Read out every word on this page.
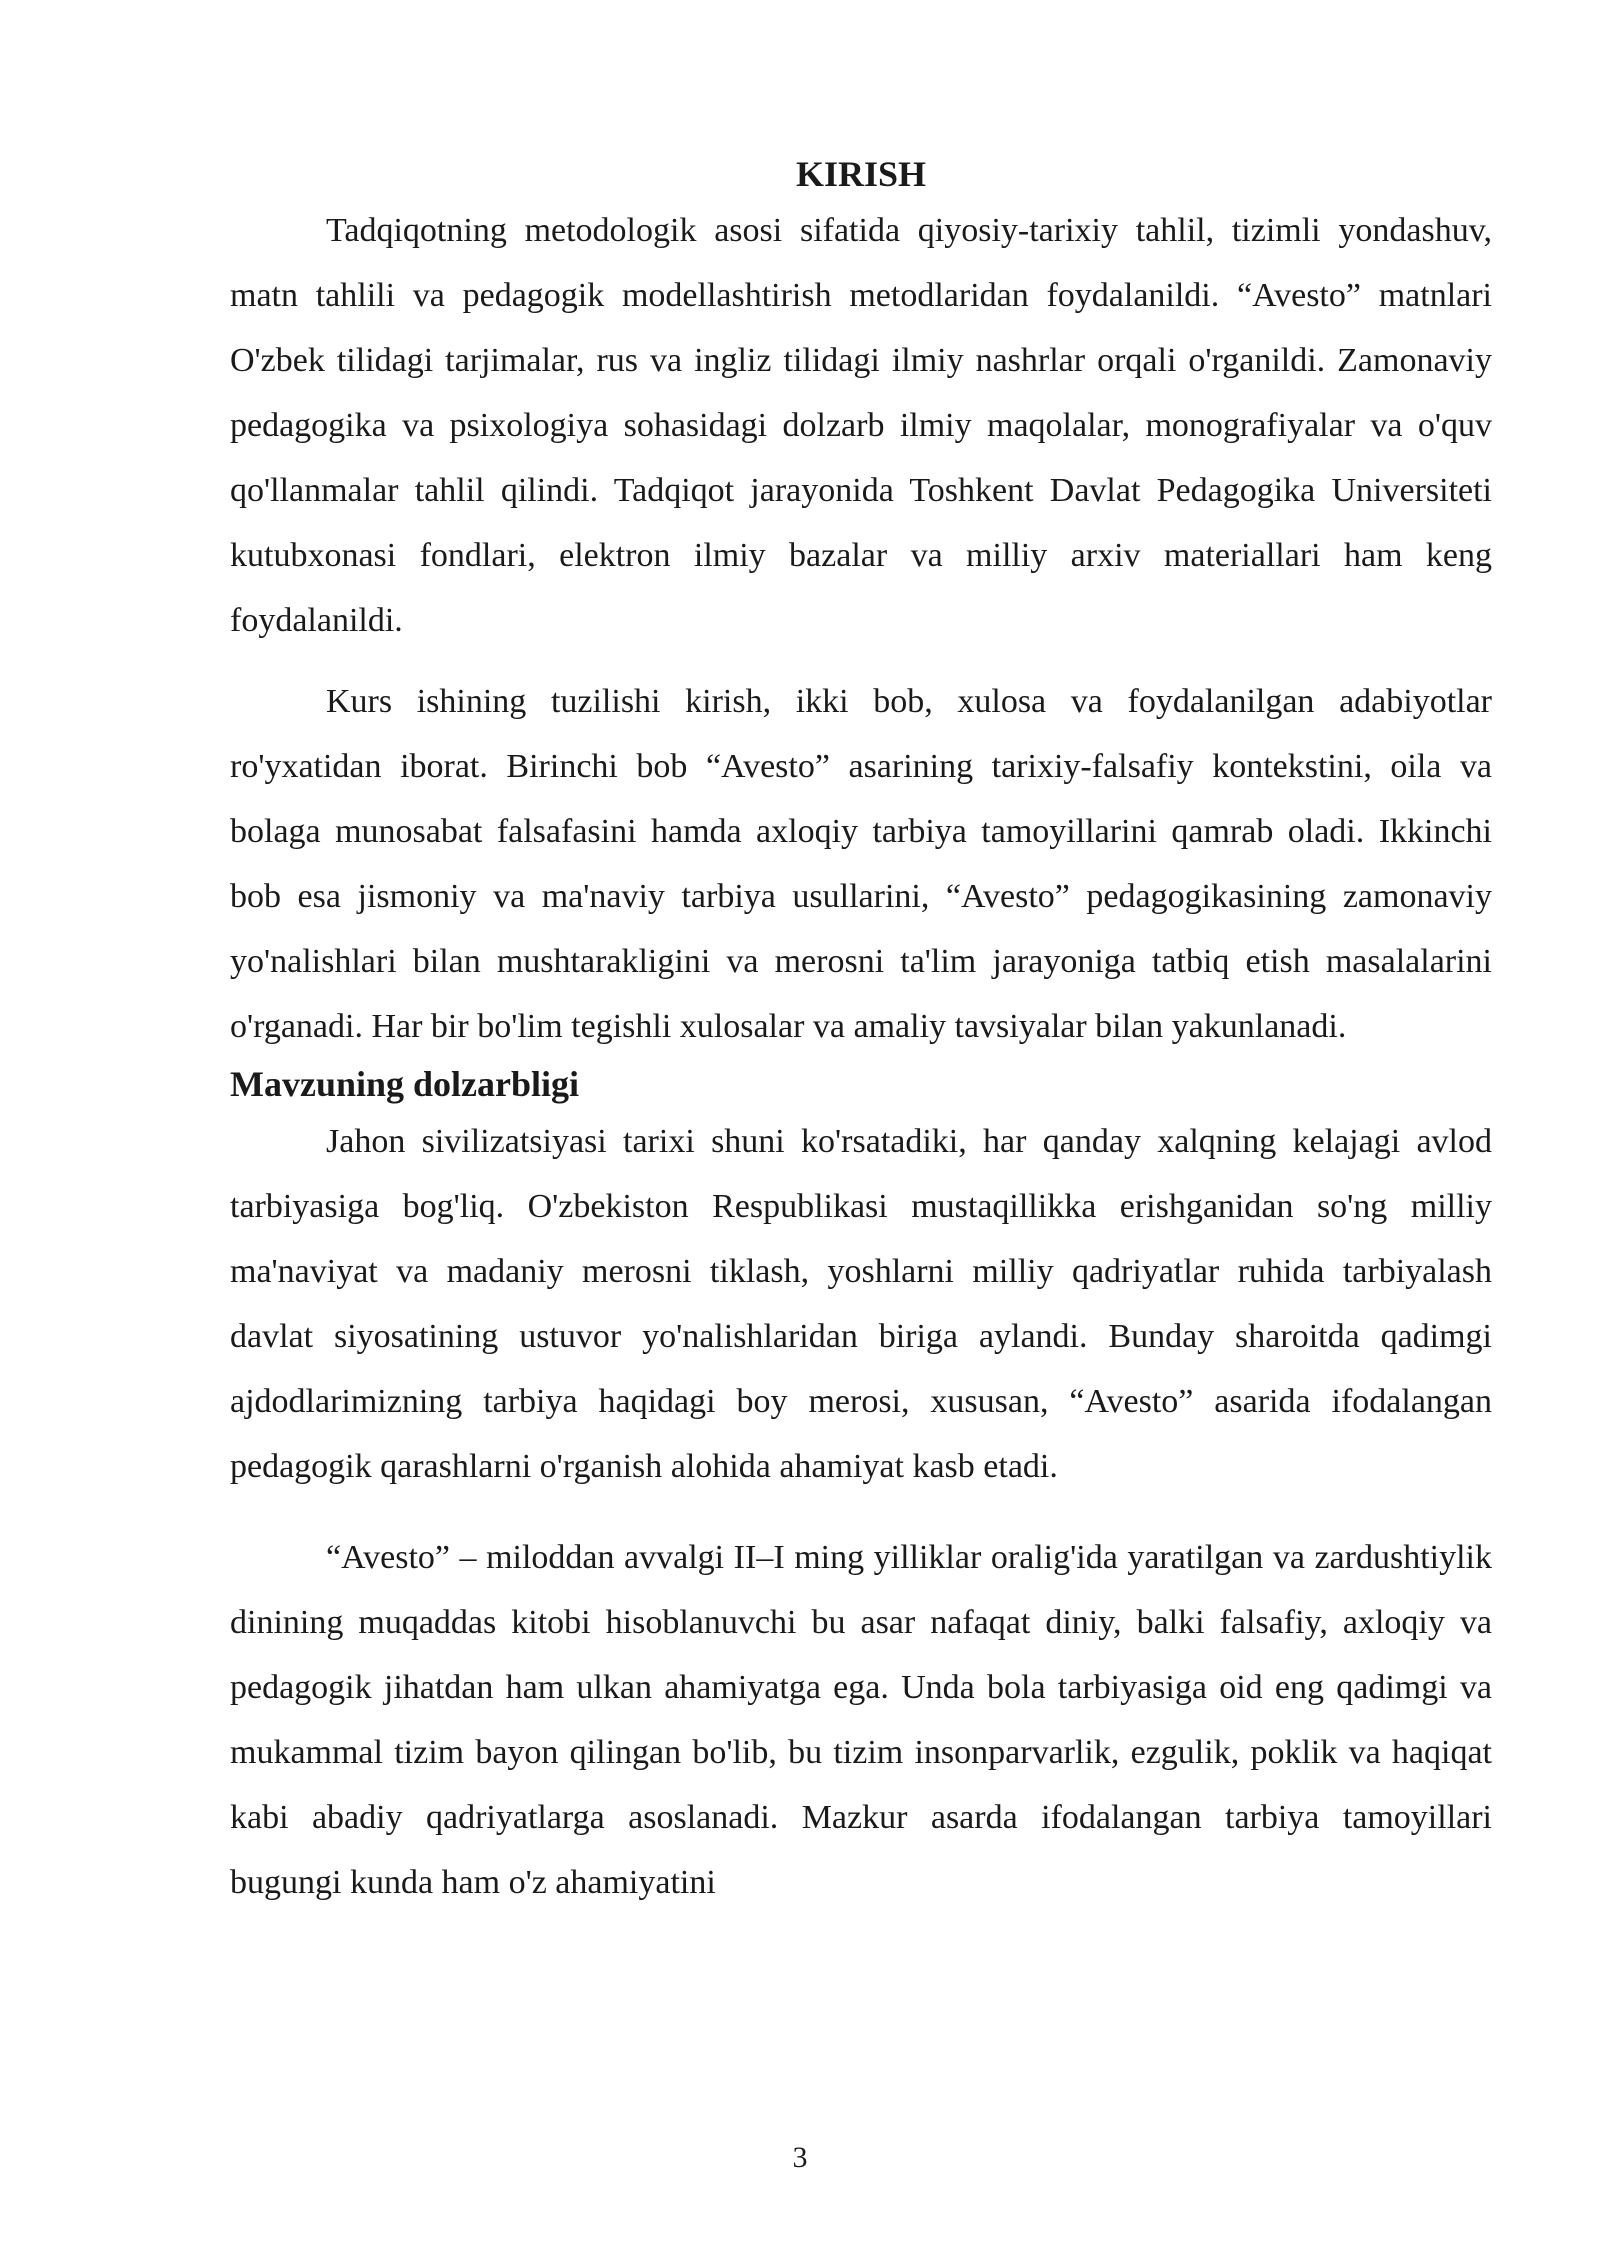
KIRISH

Tadqiqotning metodologik asosi sifatida qiyosiy-tarixiy tahlil, tizimli yondashuv, matn tahlili va pedagogik modellashtirish metodlaridan foydalanildi. “Avesto” matnlari O'zbek tilidagi tarjimalar, rus va ingliz tilidagi ilmiy nashrlar orqali o'rganildi. Zamonaviy pedagogika va psixologiya sohasidagi dolzarb ilmiy maqolalar, monografiyalar va o'quv qo'llanmalar tahlil qilindi. Tadqiqot jarayonida Toshkent Davlat Pedagogika Universiteti kutubxonasi fondlari, elektron ilmiy bazalar va milliy arxiv materiallari ham keng foydalanildi.

Kurs ishining tuzilishi kirish, ikki bob, xulosa va foydalanilgan adabiyotlar ro'yxatidan iborat. Birinchi bob “Avesto” asarining tarixiy-falsafiy kontekstini, oila va bolaga munosabat falsafasini hamda axloqiy tarbiya tamoyillarini qamrab oladi. Ikkinchi bob esa jismoniy va ma'naviy tarbiya usullarini, “Avesto” pedagogikasining zamonaviy yo'nalishlari bilan mushtarakligini va merosni ta'lim jarayoniga tatbiq etish masalalarini o'rganadi. Har bir bo'lim tegishli xulosalar va amaliy tavsiyalar bilan yakunlanadi.

Mavzuning dolzarbligi

Jahon sivilizatsiyasi tarixi shuni ko'rsatadiki, har qanday xalqning kelajagi avlod tarbiyasiga bog'liq. O'zbekiston Respublikasi mustaqillikka erishganidan so'ng milliy ma'naviyat va madaniy merosni tiklash, yoshlarni milliy qadriyatlar ruhida tarbiyalash davlat siyosatining ustuvor yo'nalishlaridan biriga aylandi. Bunday sharoitda qadimgi ajdodlarimizning tarbiya haqidagi boy merosi, xususan, “Avesto” asarida ifodalangan pedagogik qarashlarni o'rganish alohida ahamiyat kasb etadi.

“Avesto” – miloddan avvalgi II–I ming yilliklar oralig'ida yaratilgan va zardushtiylik dinining muqaddas kitobi hisoblanuvchi bu asar nafaqat diniy, balki falsafiy, axloqiy va pedagogik jihatdan ham ulkan ahamiyatga ega. Unda bola tarbiyasiga oid eng qadimgi va mukammal tizim bayon qilingan bo'lib, bu tizim insonparvarlik, ezgulik, poklik va haqiqat kabi abadiy qadriyatlarga asoslanadi. Mazkur asarda ifodalangan tarbiya tamoyillari bugungi kunda ham o'z ahamiyatini

3
